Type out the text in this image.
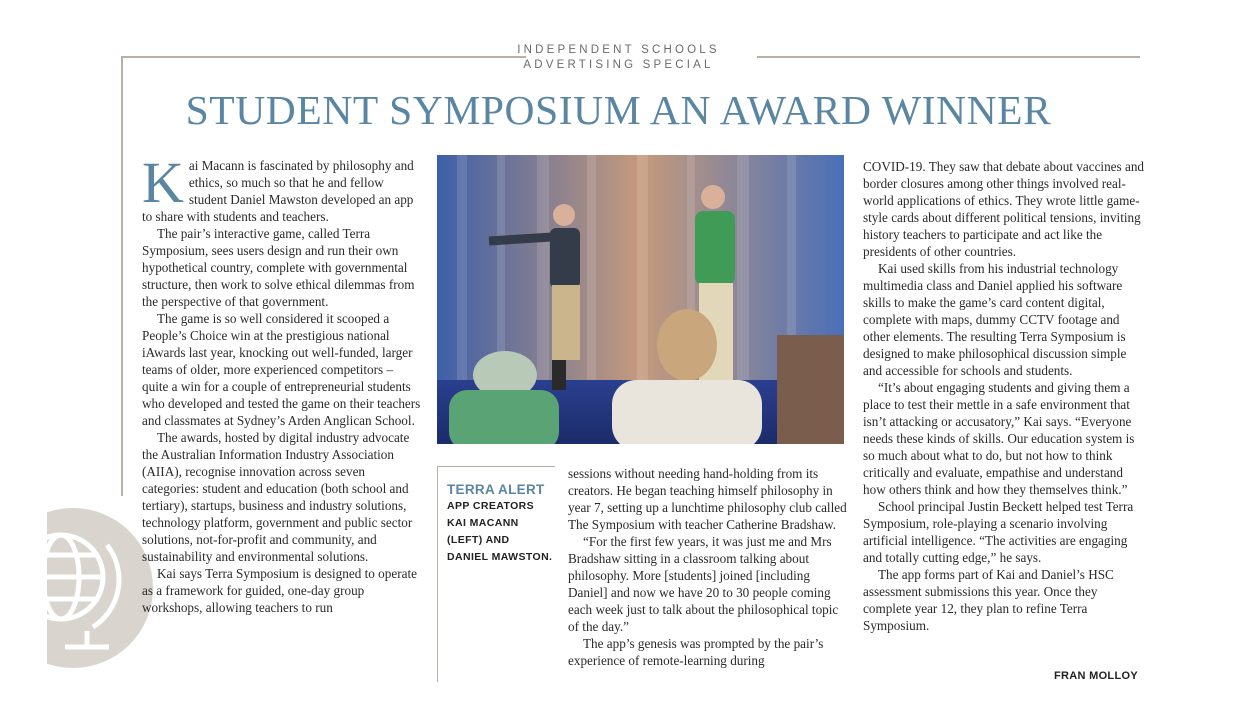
INDEPENDENT SCHOOLS
ADVERTISING SPECIAL
STUDENT SYMPOSIUM AN AWARD WINNER

Kai Macann is fascinated by philosophy and ethics, so much so that he and fellow student Daniel Mawston developed an app to share with students and teachers.

The pair’s interactive game, called Terra Symposium, sees users design and run their own hypothetical country, complete with governmental structure, then work to solve ethical dilemmas from the perspective of that government.

The game is so well considered it scooped a People’s Choice win at the prestigious national iAwards last year, knocking out well-funded, larger teams of older, more experienced competitors – quite a win for a couple of entrepreneurial students who developed and tested the game on their teachers and classmates at Sydney’s Arden Anglican School.

The awards, hosted by digital industry advocate the Australian Information Industry Association (AIIA), recognise innovation across seven categories: student and education (both school and tertiary), startups, business and industry solutions, technology platform, government and public sector solutions, not-for-profit and community, and sustainability and environmental solutions.

Kai says Terra Symposium is designed to operate as a framework for guided, one-day group workshops, allowing teachers to run

TERRA ALERT
APP CREATORS
KAI MACANN
(LEFT) AND
DANIEL MAWSTON.

sessions without needing hand-holding from its creators. He began teaching himself philosophy in year 7, setting up a lunchtime philosophy club called The Symposium with teacher Catherine Bradshaw.

“For the first few years, it was just me and Mrs Bradshaw sitting in a classroom talking about philosophy. More [students] joined [including Daniel] and now we have 20 to 30 people coming each week just to talk about the philosophical topic of the day.”

The app’s genesis was prompted by the pair’s experience of remote-learning during

COVID-19. They saw that debate about vaccines and border closures among other things involved real-world applications of ethics. They wrote little game-style cards about different political tensions, inviting history teachers to participate and act like the presidents of other countries.

Kai used skills from his industrial technology multimedia class and Daniel applied his software skills to make the game’s card content digital, complete with maps, dummy CCTV footage and other elements. The resulting Terra Symposium is designed to make philosophical discussion simple and accessible for schools and students.

“It’s about engaging students and giving them a place to test their mettle in a safe environment that isn’t attacking or accusatory,” Kai says. “Everyone needs these kinds of skills. Our education system is so much about what to do, but not how to think critically and evaluate, empathise and understand how others think and how they themselves think.”

School principal Justin Beckett helped test Terra Symposium, role-playing a scenario involving artificial intelligence. “The activities are engaging and totally cutting edge,” he says.

The app forms part of Kai and Daniel’s HSC assessment submissions this year. Once they complete year 12, they plan to refine Terra Symposium.

FRAN MOLLOY
